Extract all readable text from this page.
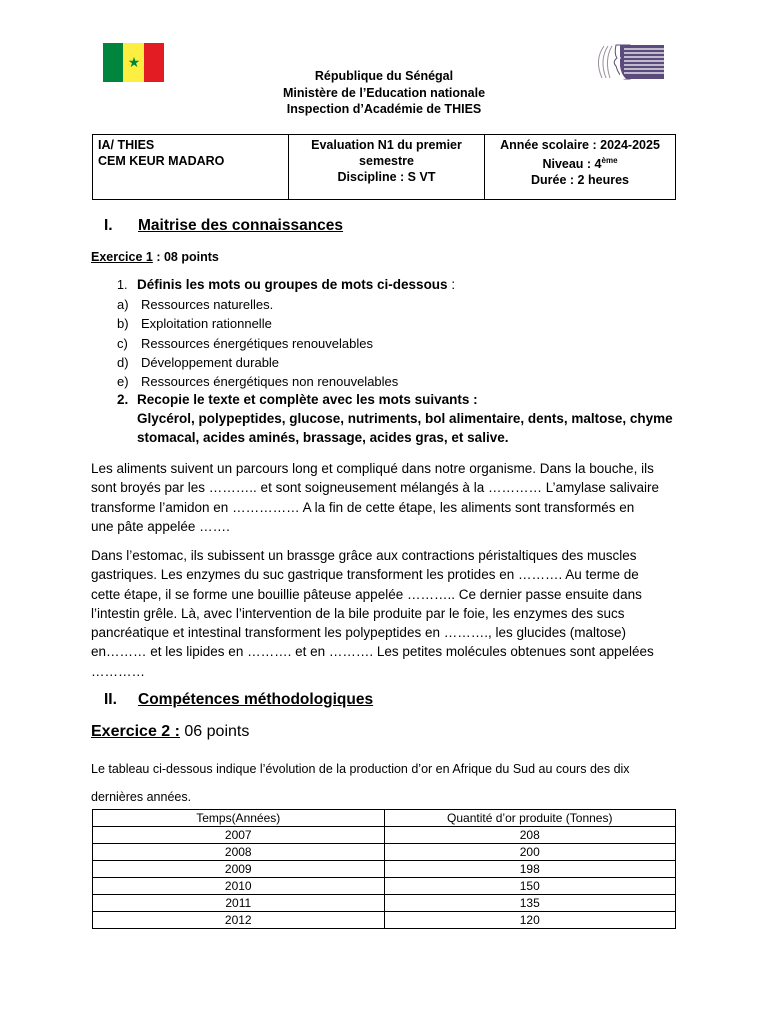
★
République du Sénégal
Ministère de l’Education nationale
Inspection d’Académie de THIES
IA/ THIES
CEM KEUR MADARO

Evaluation N1 du premier
semestre
Discipline : S VT

Année scolaire : 2024-2025
Niveau : 4ème
Durée : 2 heures
I. Maitrise des connaissances
Exercice 1 : 08 points
1. Définis les mots ou groupes de mots ci-dessous :
a) Ressources naturelles.
b) Exploitation rationnelle
c) Ressources énergétiques renouvelables
d) Développement durable
e) Ressources énergétiques non renouvelables
2. Recopie le texte et complète avec les mots suivants :
Glycérol, polypeptides, glucose, nutriments, bol alimentaire, dents, maltose, chyme
stomacal, acides aminés, brassage, acides gras, et salive.
Les aliments suivent un parcours long et compliqué dans notre organisme. Dans la bouche, ils
sont broyés par les ……….. et sont soigneusement mélangés à la ………… L’amylase salivaire
transforme l’amidon en …………… A la fin de cette étape, les aliments sont transformés en
une pâte appelée …….
Dans l’estomac, ils subissent un brassge grâce aux contractions péristaltiques des muscles
gastriques. Les enzymes du suc gastrique transforment les protides en ………. Au terme de
cette étape, il se forme une bouillie pâteuse appelée ……….. Ce dernier passe ensuite dans
l’intestin grêle. Là, avec l’intervention de la bile produite par le foie, les enzymes des sucs
pancréatique et intestinal transforment les polypeptides en ………., les glucides (maltose)
en……… et les lipides en ………. et en ………. Les petites molécules obtenues sont appelées
…………
II. Compétences méthodologiques
Exercice 2 : 06 points
Le tableau ci-dessous indique l’évolution de la production d’or en Afrique du Sud au cours des dix
dernières années.
Temps(Années)	Quantité d’or produite (Tonnes)
2007	208
2008	200
2009	198
2010	150
2011	135
2012	120
